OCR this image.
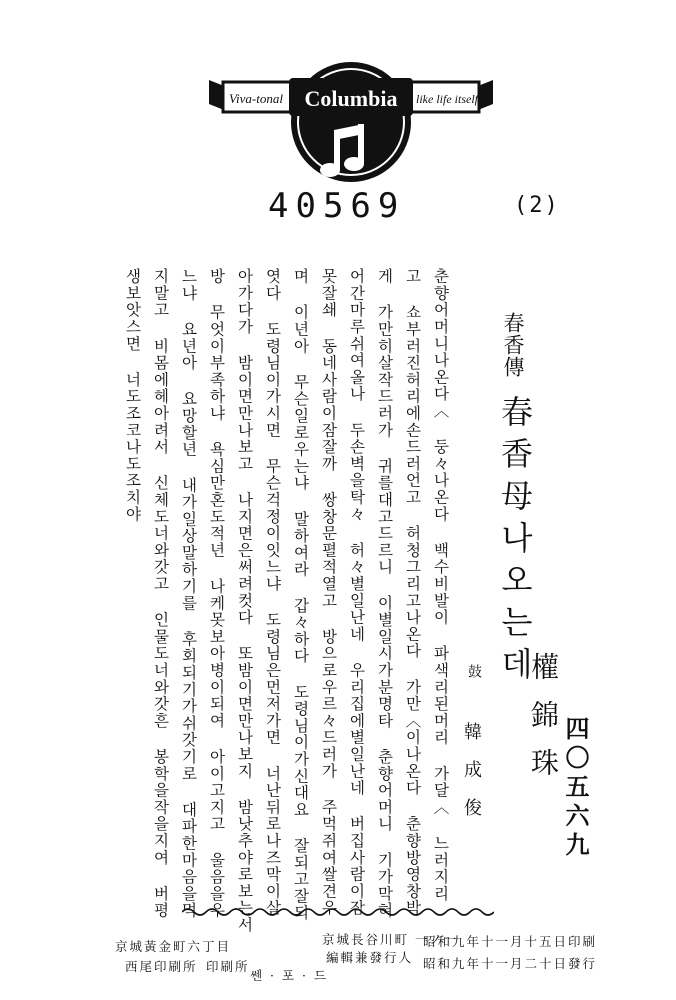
Columbia
Viva-tonal	like life itself
40569	(2)
春香傳
春香母나오는데
權錦珠
鼓
韓成俊	四〇五六九
춘향어머니나온다〈 둥々나온다 백수비발이 파색리된머리 가달〈 느러지리
고 쇼부러진허리에손드러언고 허청그리고나온다 가만〈이나온다 춘향방영창박
게 가만히살작드러가 귀를대고드르니 이별일시가분명타 춘향어머니 기가막혀
어간마루쉬여올나 두손벽을탁々 허々별일난네 우리집에별일난네 버집사람이잠
못잘쇄 동네사람이잠잘까 쌍창문펼적열고 방으로우르々드러가 주먹쥐여쌀견우
며 이년아 무슨일로우는냐 말하여라 갑々하다 도령님이가신대요 잘되고잘되
엿다 도령님이가시면 무슨걱정이잇느냐 도령님은먼저가면 너난뒤로나즈막이살
아가다가 밤이면만나보고 나지면은써려컷다 또밤이면만나보지 밤낫추야로보는서
방 무엇이부족하냐 욕심만혼도적년 나케못보아병이되여 아이고지고 울음을우
느냐 요년아 요망할년 내가일상말하기를 후회되기가쉬갓기로 대파한마음을먹
지말고 비몸에헤아려서 신체도너와갓고 인물도너와갓흔 봉학을작을지여 버평
생보앗스면 너도조코나도조치야
昭和九年十一月十五日印刷
昭和九年十一月二十日發行
京城長谷川町 一ノ一
編輯兼發行人
쎈 · 포 · 드
京城黃金町六丁目
西尾印刷所 印刷所
